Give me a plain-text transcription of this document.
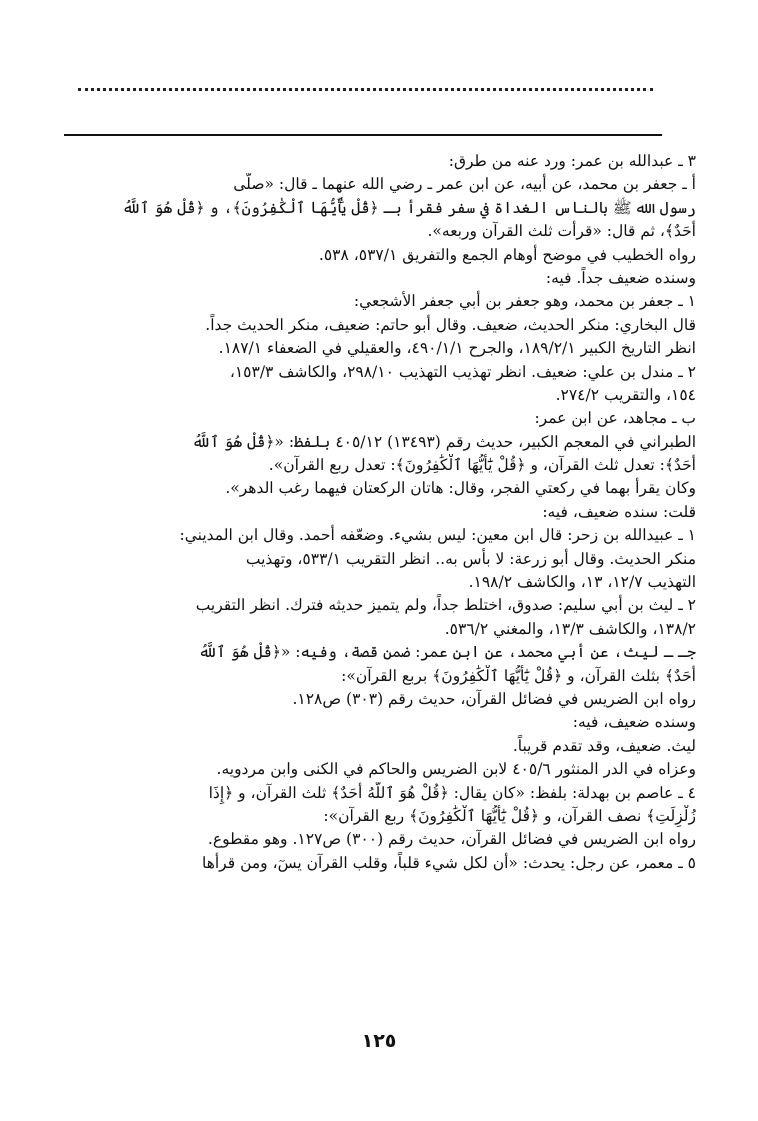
٣ ـ عبدالله بن عمر: ورد عنه من طرق:
أ ـ جعفر بن محمد، عن أبيه، عن ابن عمر ـ رضي الله عنهما ـ قال: «صلّى
رسول الله ﷺ بالناس الغداة في سفر فقرأ بـ ﴿قُلْ يَٰٓأَيُّهَا ٱلْكَٰفِرُونَ﴾، و ﴿قُلْ هُوَ ٱللَّهُ
أَحَدٌ﴾، ثم قال: «قرأت ثلث القرآن وربعه».
رواه الخطيب في موضح أوهام الجمع والتفريق ٥٣٧/١، ٥٣٨.
وسنده ضعيف جداً. فيه:
١ ـ جعفر بن محمد، وهو جعفر بن أبي جعفر الأشجعي:
قال البخاري: منكر الحديث، ضعيف. وقال أبو حاتم: ضعيف، منكر الحديث جداً.
انظر التاريخ الكبير ١٨٩/٢/١، والجرح ٤٩٠/١/١، والعقيلي في الضعفاء ١٨٧/١.
٢ ـ مندل بن علي: ضعيف. انظر تهذيب التهذيب ٢٩٨/١٠، والكاشف ١٥٣/٣،
١٥٤، والتقريب ٢٧٤/٢.
ب ـ مجاهد، عن ابن عمر:
الطبراني في المعجم الكبير، حديث رقم (١٣٤٩٣) ٤٠٥/١٢ بلفظ: «﴿قُلْ هُوَ ٱللَّهُ
أَحَدٌ﴾: تعدل ثلث القرآن، و ﴿قُلْ يَٰٓأَيُّهَا ٱلْكَٰفِرُونَ﴾: تعدل ربع القرآن».
وكان يقرأ بهما في ركعتي الفجر، وقال: هاتان الركعتان فيهما رغب الدهر».
قلت: سنده ضعيف، فيه:
١ ـ عبيدالله بن زحر: قال ابن معين: ليس بشيء. وضعّفه أحمد. وقال ابن المديني:
منكر الحديث. وقال أبو زرعة: لا بأس به.. انظر التقريب ٥٣٣/١، وتهذيب
التهذيب ١٢/٧، ١٣، والكاشف ١٩٨/٢.
٢ ـ ليث بن أبي سليم: صدوق، اختلط جداً، ولم يتميز حديثه فترك. انظر التقريب
١٣٨/٢، والكاشف ١٣/٣، والمغني ٥٣٦/٢.
جـ ـ ليث، عن أبي محمد، عن ابن عمر: ضمن قصة، وفيه: «﴿قُلْ هُوَ ٱللَّهُ
أَحَدٌ﴾ بثلث القرآن، و ﴿قُلْ يَٰٓأَيُّهَا ٱلْكَٰفِرُونَ﴾ بربع القرآن»:
رواه ابن الضريس في فضائل القرآن، حديث رقم (٣٠٣) ص١٢٨.
وسنده ضعيف، فيه:
ليث. ضعيف، وقد تقدم قريباً.
وعزاه في الدر المنثور ٤٠٥/٦ لابن الضريس والحاكم في الكنى وابن مردويه.
٤ ـ عاصم بن بهدلة: بلفظ: «كان يقال: ﴿قُلْ هُوَ ٱللَّهُ أَحَدٌ﴾ ثلث القرآن، و ﴿إِذَا
زُلْزِلَتِ﴾ نصف القرآن، و ﴿قُلْ يَٰٓأَيُّهَا ٱلْكَٰفِرُونَ﴾ ربع القرآن»:
رواه ابن الضريس في فضائل القرآن، حديث رقم (٣٠٠) ص١٢٧. وهو مقطوع.
٥ ـ معمر، عن رجل: يحدث: «أن لكل شيء قلباً، وقلب القرآن يسٓ، ومن قرأها
١٢٥
